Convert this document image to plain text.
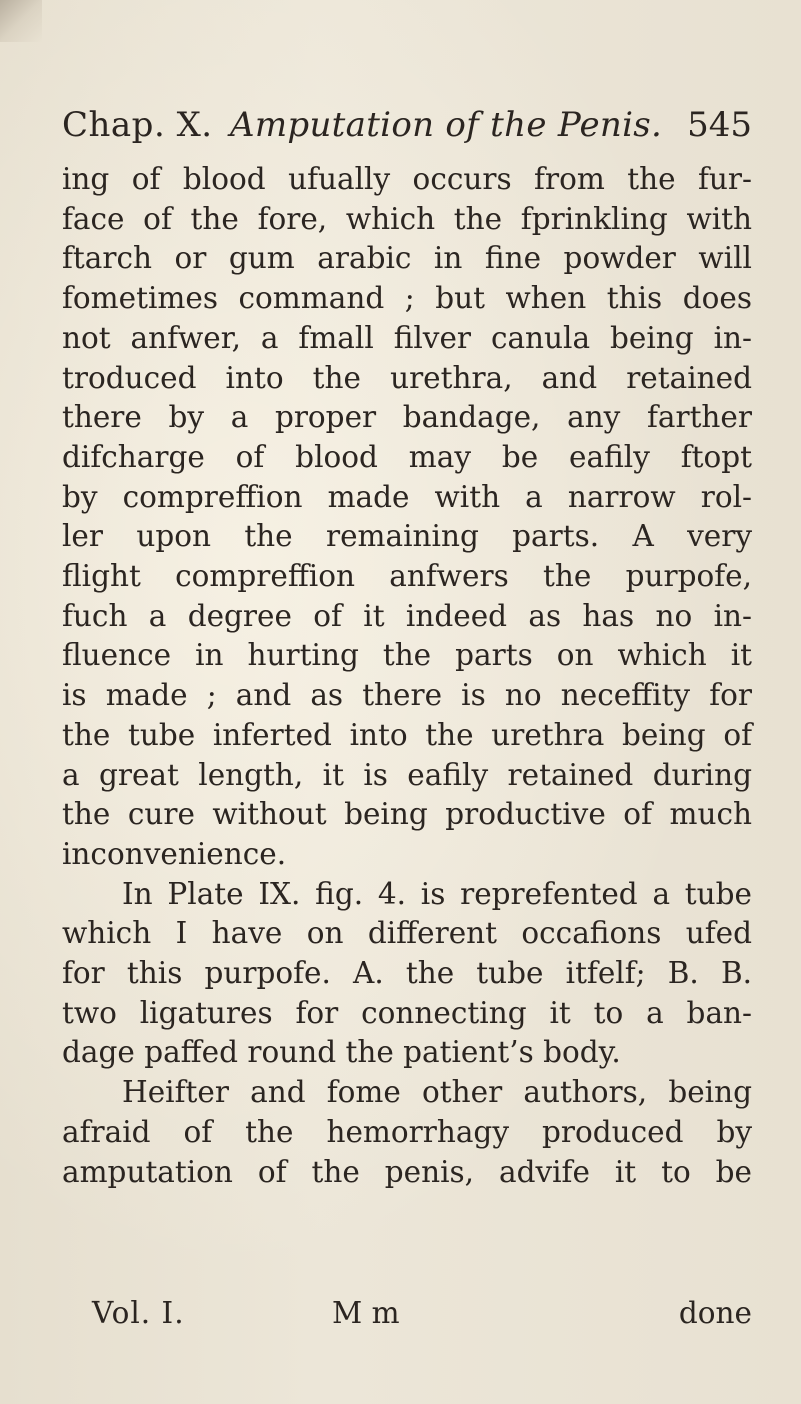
Chap. X. Amputation of the Penis. 545
ing of blood ufually occurs from the fur-
face of the fore, which the fprinkling with
ftarch or gum arabic in fine powder will
fometimes command ; but when this does
not anfwer, a fmall filver canula being in-
troduced into the urethra, and retained
there by a proper bandage, any farther
difcharge of blood may be eafily ftopt
by compreffion made with a narrow rol-
ler upon the remaining parts. A very
flight compreffion anfwers the purpofe,
fuch a degree of it indeed as has no in-
fluence in hurting the parts on which it
is made ; and as there is no neceffity for
the tube inferted into the urethra being of
a great length, it is eafily retained during
the cure without being productive of much
inconvenience.
In Plate IX. fig. 4. is reprefented a tube
which I have on different occafions ufed
for this purpofe. A. the tube itfelf; B. B.
two ligatures for connecting it to a ban-
dage paffed round the patient’s body.
Heifter and fome other authors, being
afraid of the hemorrhagy produced by
amputation of the penis, advife it to be
Vol. I.	M m	done
